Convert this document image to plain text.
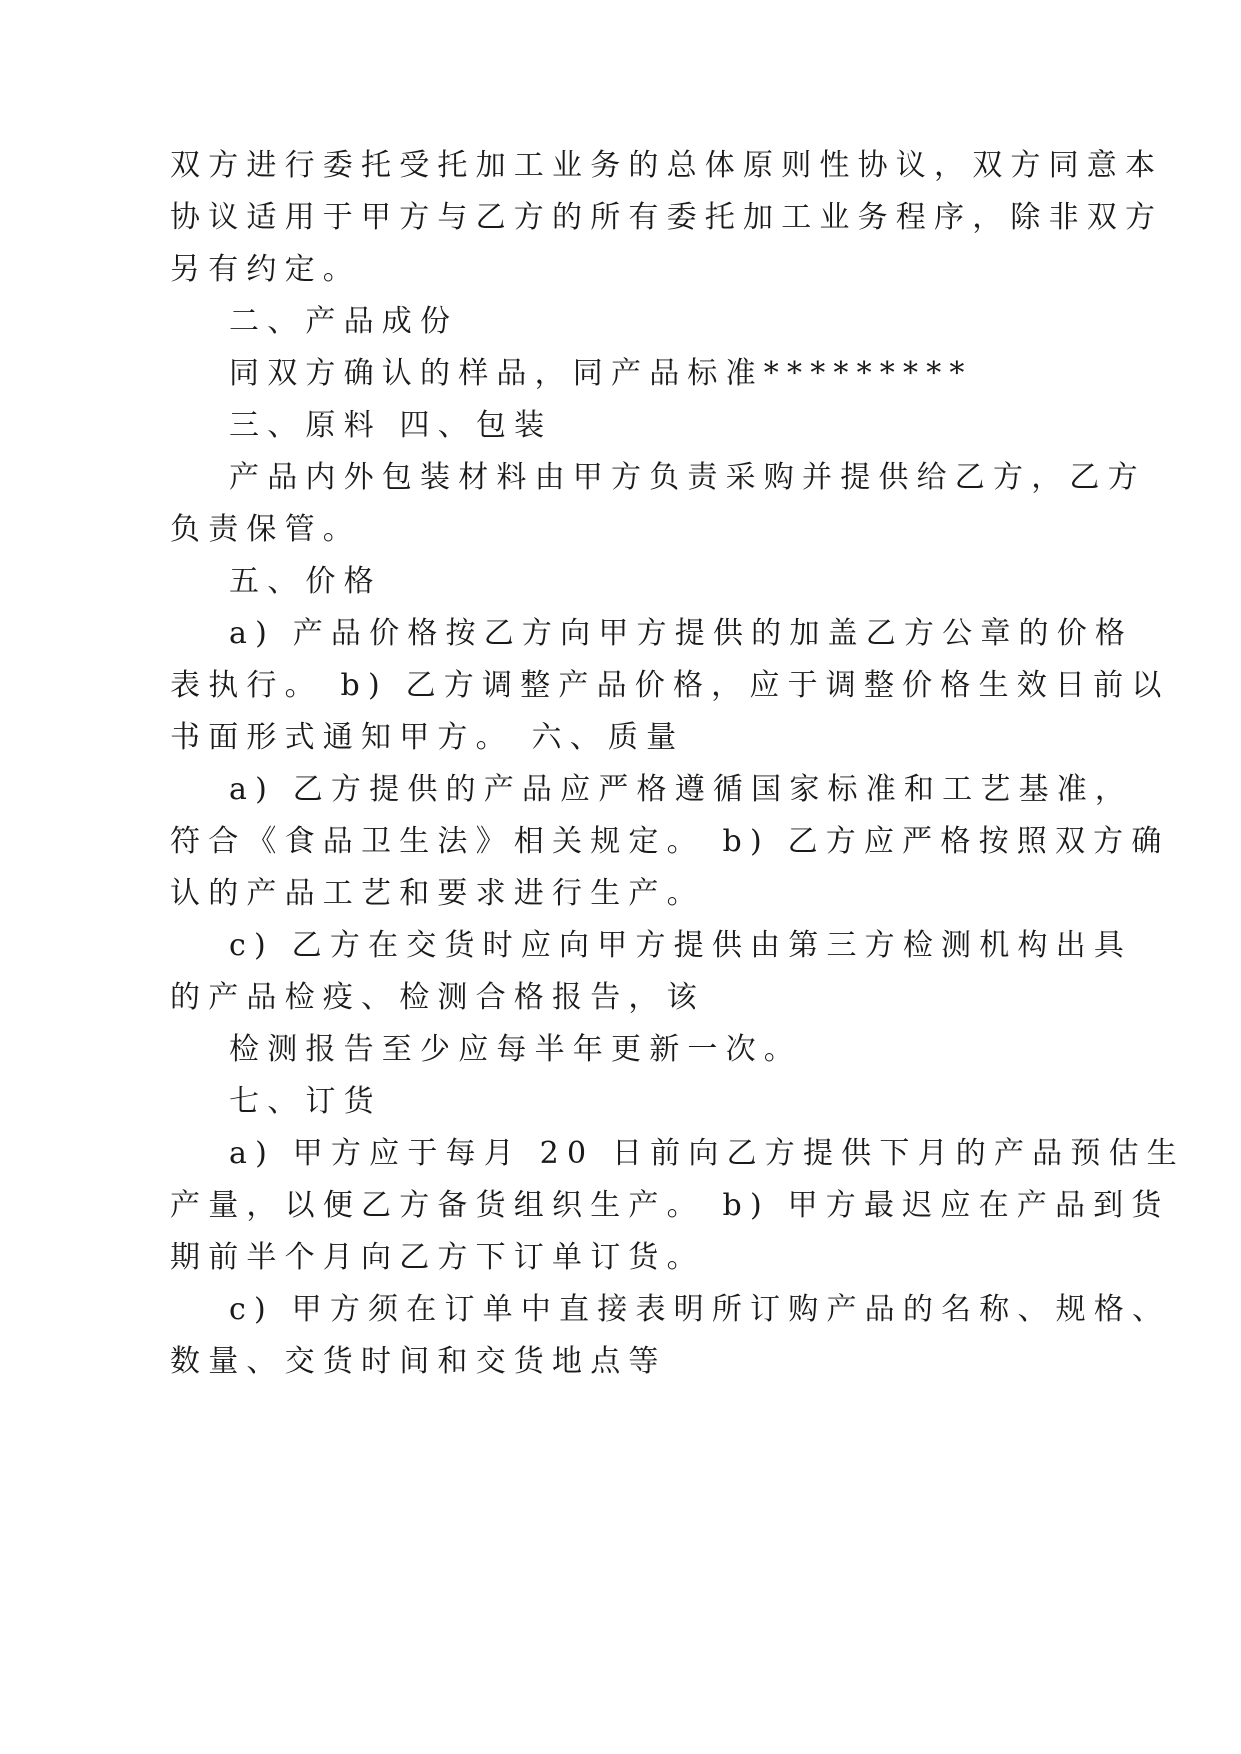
双方进行委托受托加工业务的总体原则性协议，双方同意本
协议适用于甲方与乙方的所有委托加工业务程序，除非双方
另有约定。
二、产品成份
同双方确认的样品，同产品标准*********
三、原料 四、包装
产品内外包装材料由甲方负责采购并提供给乙方，乙方
负责保管。
五、价格
a) 产品价格按乙方向甲方提供的加盖乙方公章的价格
表执行。 b) 乙方调整产品价格，应于调整价格生效日前以
书面形式通知甲方。 六、质量
a) 乙方提供的产品应严格遵循国家标准和工艺基准，
符合《食品卫生法》相关规定。 b) 乙方应严格按照双方确
认的产品工艺和要求进行生产。
c) 乙方在交货时应向甲方提供由第三方检测机构出具
的产品检疫、检测合格报告，该
检测报告至少应每半年更新一次。
七、订货
a) 甲方应于每月 20 日前向乙方提供下月的产品预估生
产量，以便乙方备货组织生产。 b) 甲方最迟应在产品到货
期前半个月向乙方下订单订货。
c) 甲方须在订单中直接表明所订购产品的名称、规格、
数量、交货时间和交货地点等
